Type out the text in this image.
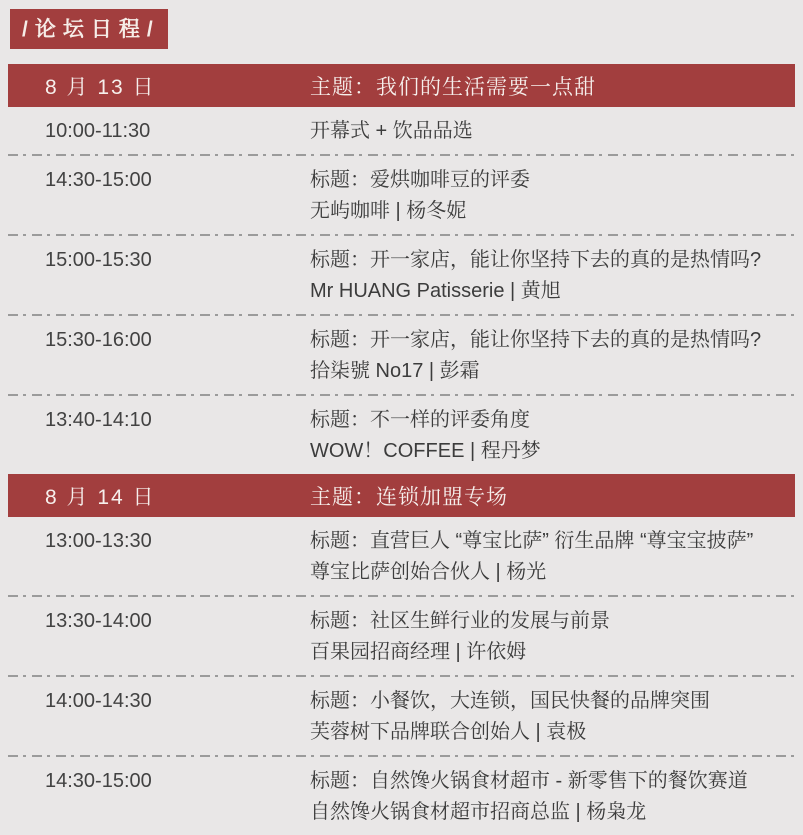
/论坛日程/
8 月 13 日	主题：我们的生活需要一点甜
10:00-11:30	开幕式 + 饮品品选
14:30-15:00	标题：爱烘咖啡豆的评委
无屿咖啡 | 杨冬妮
15:00-15:30	标题：开一家店，能让你坚持下去的真的是热情吗?
Mr HUANG Patisserie | 黄旭
15:30-16:00	标题：开一家店，能让你坚持下去的真的是热情吗?
拾柒號 No17 | 彭霜
13:40-14:10	标题：不一样的评委角度
WOW！COFFEE | 程丹梦
8 月 14 日	主题：连锁加盟专场
13:00-13:30	标题：直营巨人 “尊宝比萨” 衍生品牌 “尊宝宝披萨”
尊宝比萨创始合伙人 | 杨光
13:30-14:00	标题：社区生鲜行业的发展与前景
百果园招商经理 | 许依姆
14:00-14:30	标题：小餐饮，大连锁，国民快餐的品牌突围
芙蓉树下品牌联合创始人 | 袁极
14:30-15:00	标题：自然馋火锅食材超市 - 新零售下的餐饮赛道
自然馋火锅食材超市招商总监 | 杨枭龙
